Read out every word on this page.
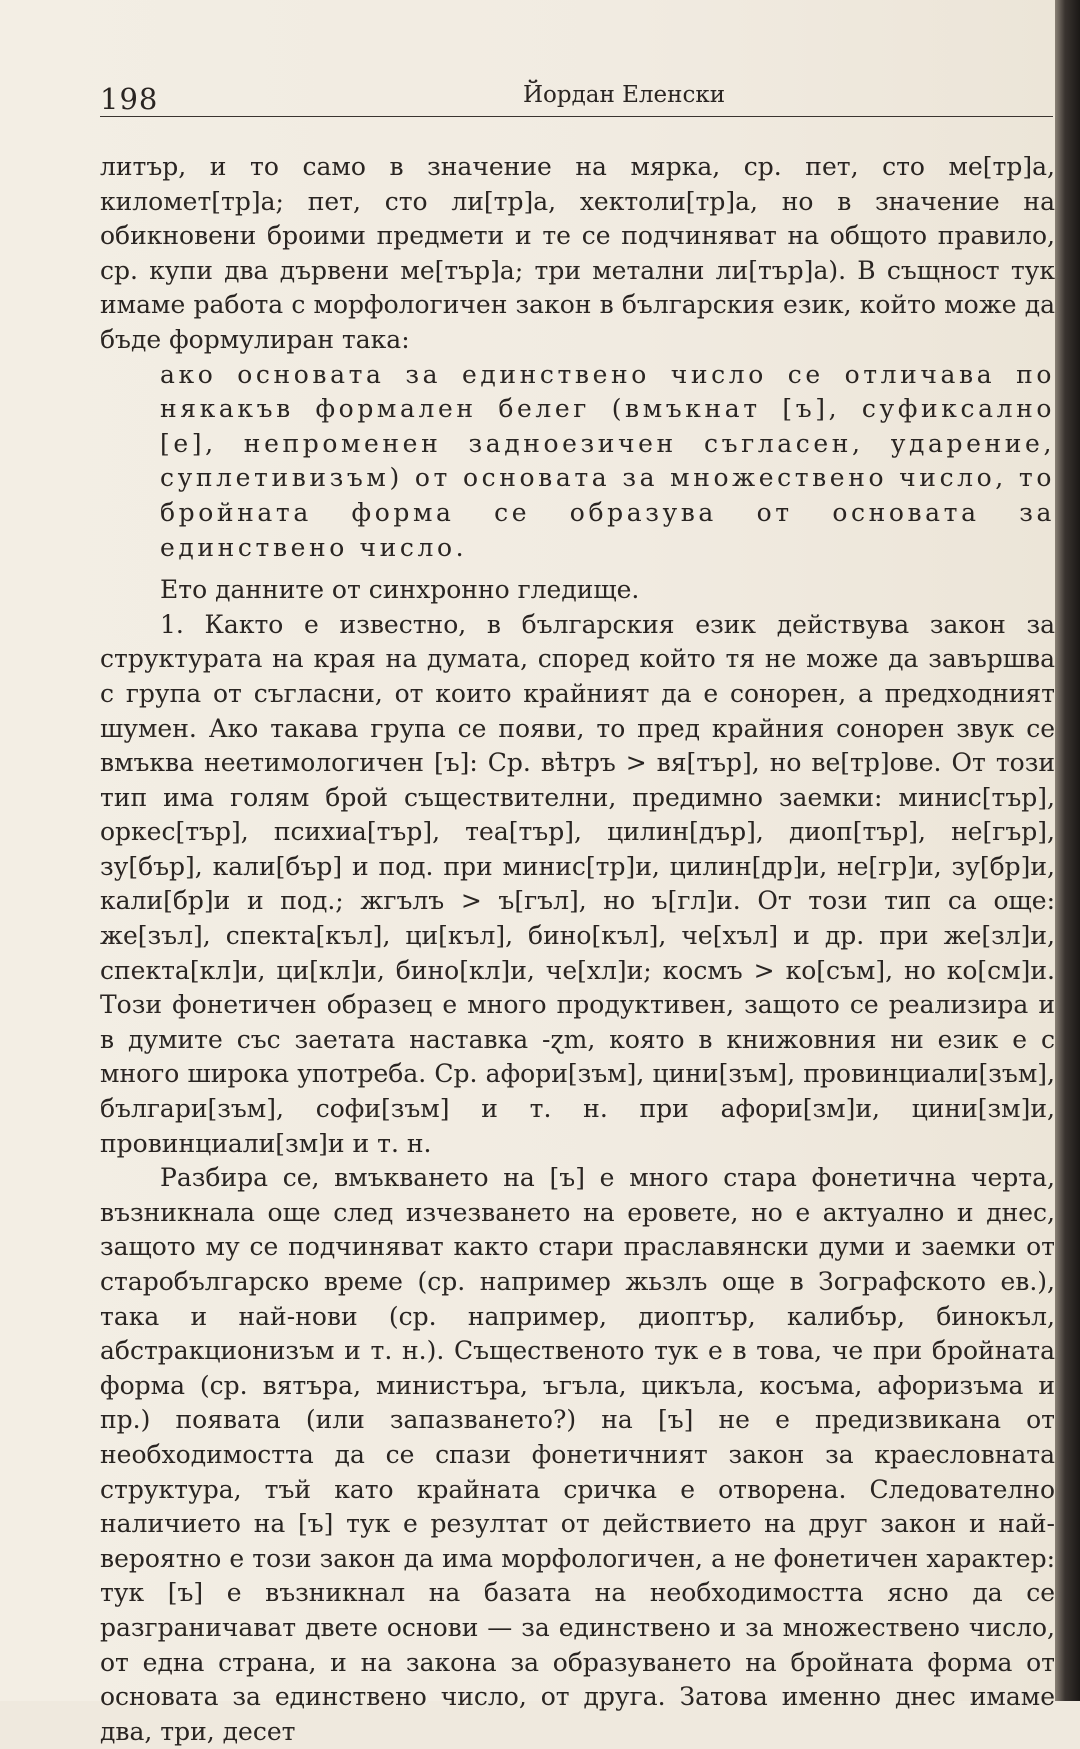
198	Йордан Еленски

литър, и то само в значение на мярка, ср. пет, сто ме[тр]а, километ[тр]а; пет, сто ли[тр]а, хектоли[тр]а, но в значение на обикновени броими предмети и те се подчиняват на общото правило, ср. купи два дървени ме[тър]а; три метални ли[тър]а). В същност тук имаме работа с морфологичен закон в българския език, който може да бъде формулиран така:

ако основата за единствено число се отличава по някакъв формален белег (вмъкнат [ъ], суфиксално [е], непроменен задноезичен съгласен, ударение, суплетивизъм) от основата за множествено число, то бройната форма се образува от основата за единствено число.

Ето данните от синхронно гледище.

1. Както е известно, в българския език действува закон за структурата на края на думата, според който тя не може да завършва с група от съгласни, от които крайният да е сонорен, а предходният шумен. Ако такава група се появи, то пред крайния сонорен звук се вмъква неетимологичен [ъ]: Ср. вѣтръ > вя[тър], но ве[тр]ове. От този тип има голям брой съществителни, предимно заемки: минис[тър], оркес[тър], психиа[тър], теа[тър], цилин[дър], диоп[тър], не[гър], зу[бър], кали[бър] и под. при минис[тр]и, цилин[др]и, не[гр]и, зу[бр]и, кали[бр]и и под.; жгълъ > ъ[гъл], но ъ[гл]и. От този тип са още: же[зъл], спекта[къл], ци[къл], бино[къл], че[хъл] и др. при же[зл]и, спекта[кл]и, ци[кл]и, бино[кл]и, че[хл]и; космъ > ко[съм], но ко[см]и. Този фонетичен образец е много продуктивен, защото се реализира и в думите със заетата наставка -ɀm, която в книжовния ни език е с много широка употреба. Ср. афори[зъм], цини[зъм], провинциали[зъм], българи[зъм], софи[зъм] и т. н. при афори[зм]и, цини[зм]и, провинциали[зм]и и т. н.

Разбира се, вмъкването на [ъ] е много стара фонетична черта, възникнала още след изчезването на еровете, но е актуално и днес, защото му се подчиняват както стари праславянски думи и заемки от старобългарско време (ср. например жьзлъ още в Зографското ев.), така и най-нови (ср. например, диоптър, калибър, бинокъл, абстракционизъм и т. н.). Същественото тук е в това, че при бройната форма (ср. вятъра, министъра, ъгъла, цикъла, косъма, афоризъма и пр.) появата (или запазването?) на [ъ] не е предизвикана от необходимостта да се спази фонетичният закон за краесловната структура, тъй като крайната сричка е отворена. Следователно наличието на [ъ] тук е резултат от действието на друг закон и най-вероятно е този закон да има морфологичен, а не фонетичен характер: тук [ъ] е възникнал на базата на необходимостта ясно да се разграничават двете основи — за единствено и за множествено число, от една страна, и на закона за образуването на бройната форма от основата за единствено число, от друга. Затова именно днес имаме два, три, десет
